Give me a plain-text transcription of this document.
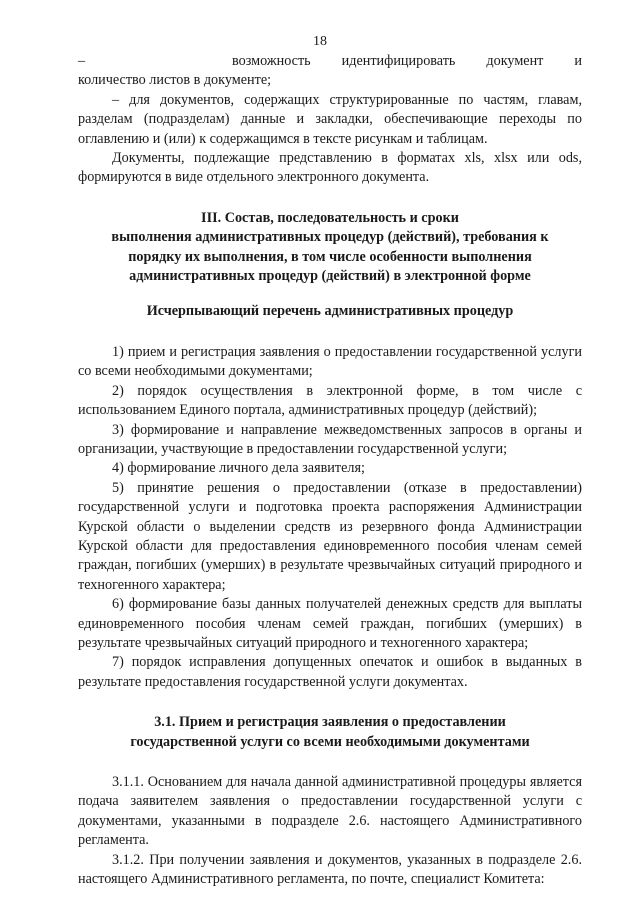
18
–	возможность идентифицировать документ и

количество листов в документе;

– для документов, содержащих структурированные по частям, главам, разделам (подразделам) данные и закладки, обеспечивающие переходы по оглавлению и (или) к содержащимся в тексте рисункам и таблицам.

Документы, подлежащие представлению в форматах xls, xlsx или ods, формируются в виде отдельного электронного документа.

III. Состав, последовательность и сроки
выполнения административных процедур (действий), требования к
порядку их выполнения, в том числе особенности выполнения
административных процедур (действий) в электронной форме
Исчерпывающий перечень административных процедур

1) прием и регистрация заявления о предоставлении государственной услуги со всеми необходимыми документами;

2) порядок осуществления в электронной форме, в том числе с использованием Единого портала, административных процедур (действий);

3) формирование и направление межведомственных запросов в органы и организации, участвующие в предоставлении государственной услуги;

4) формирование личного дела заявителя;

5) принятие решения о предоставлении (отказе в предоставлении) государственной услуги и подготовка проекта распоряжения Администрации Курской области о выделении средств из резервного фонда Администрации Курской области для предоставления единовременного пособия членам семей граждан, погибших (умерших) в результате чрезвычайных ситуаций природного и техногенного характера;

6) формирование базы данных получателей денежных средств для выплаты единовременного пособия членам семей граждан, погибших (умерших) в результате чрезвычайных ситуаций природного и техногенного характера;

7) порядок исправления допущенных опечаток и ошибок в выданных в результате предоставления государственной услуги документах.

3.1. Прием и регистрация заявления о предоставлении
государственной услуги со всеми необходимыми документами

3.1.1. Основанием для начала данной административной процедуры является подача заявителем заявления о предоставлении государственной услуги с документами, указанными в подразделе 2.6. настоящего Административного регламента.

3.1.2. При получении заявления и документов, указанных в подразделе 2.6. настоящего Административного регламента, по почте, специалист Комитета:
